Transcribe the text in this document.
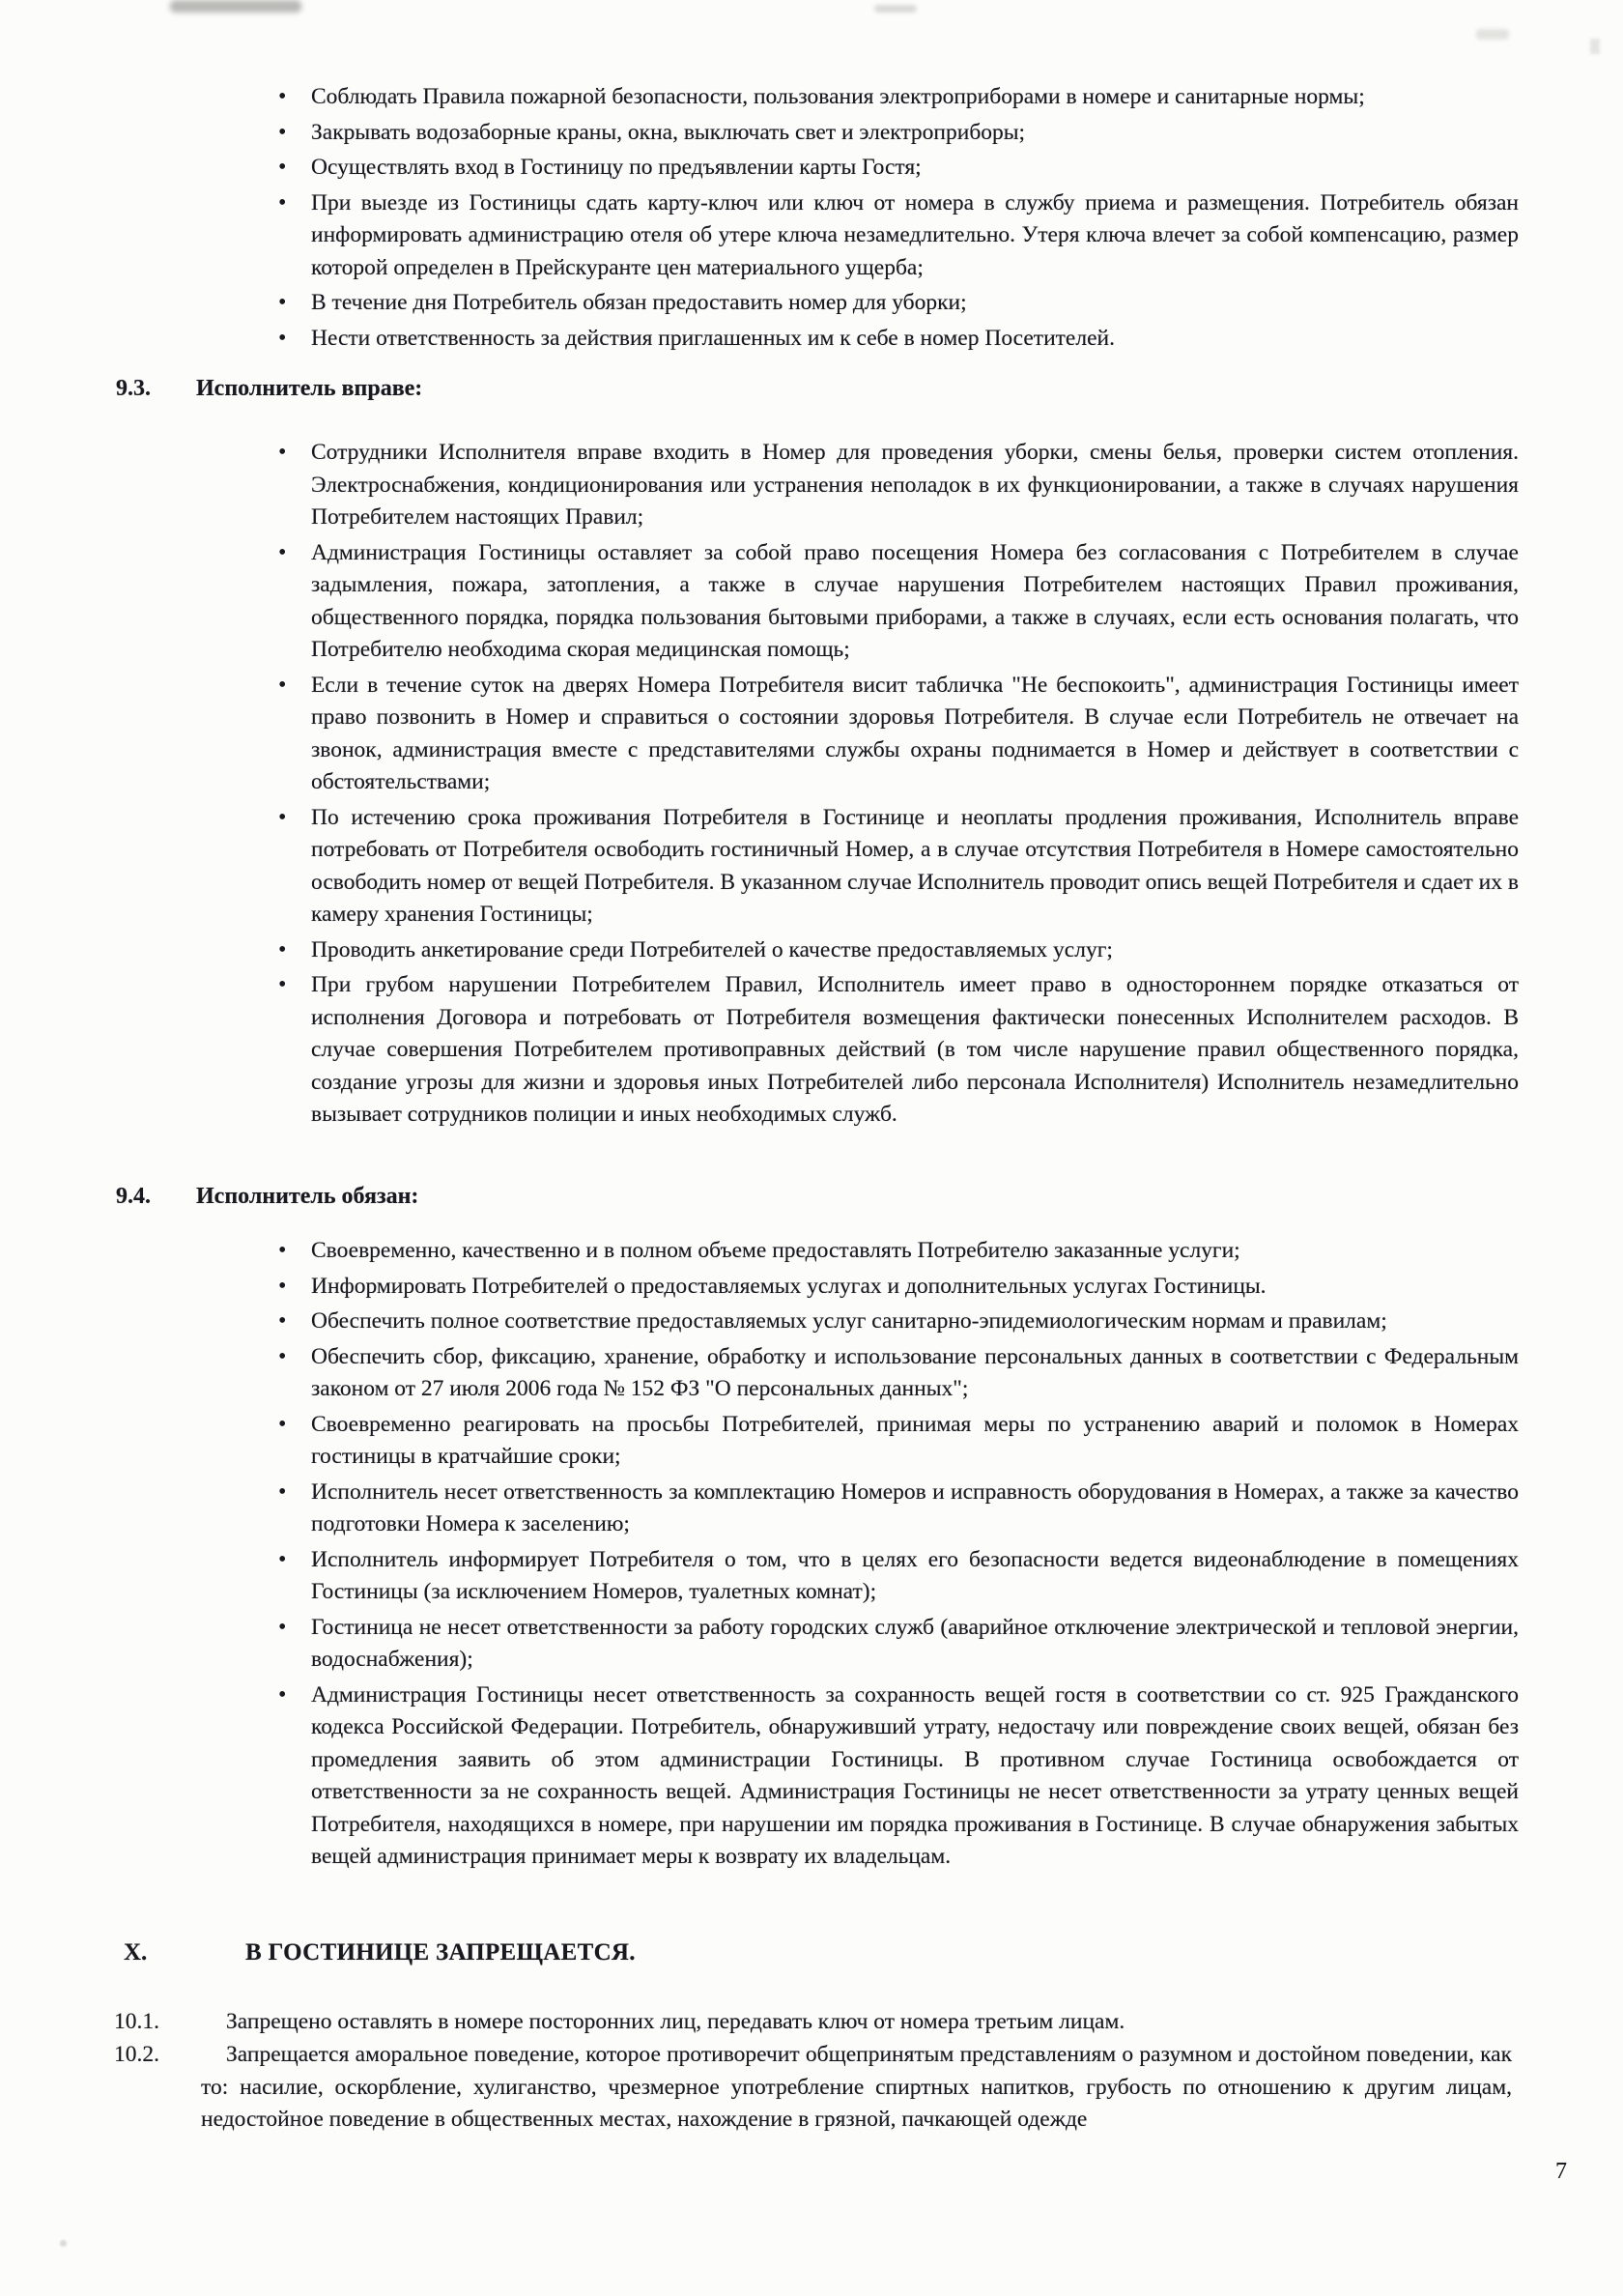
• Соблюдать Правила пожарной безопасности, пользования электроприборами в номере и санитарные нормы;

• Закрывать водозаборные краны, окна, выключать свет и электроприборы;

• Осуществлять вход в Гостиницу по предъявлении карты Гостя;

• При выезде из Гостиницы сдать карту-ключ или ключ от номера в службу приема и размещения. Потребитель обязан информировать администрацию отеля об утере ключа незамедлительно. Утеря ключа влечет за собой компенсацию, размер которой определен в Прейскуранте цен материального ущерба;

• В течение дня Потребитель обязан предоставить номер для уборки;

• Нести ответственность за действия приглашенных им к себе в номер Посетителей.

9.3. Исполнитель вправе:
• Сотрудники Исполнителя вправе входить в Номер для проведения уборки, смены белья, проверки систем отопления. Электроснабжения, кондиционирования или устранения неполадок в их функционировании, а также в случаях нарушения Потребителем настоящих Правил;

• Администрация Гостиницы оставляет за собой право посещения Номера без согласования с Потребителем в случае задымления, пожара, затопления, а также в случае нарушения Потребителем настоящих Правил проживания, общественного порядка, порядка пользования бытовыми приборами, а также в случаях, если есть основания полагать, что Потребителю необходима скорая медицинская помощь;

• Если в течение суток на дверях Номера Потребителя висит табличка "Не беспокоить", администрация Гостиницы имеет право позвонить в Номер и справиться о состоянии здоровья Потребителя. В случае если Потребитель не отвечает на звонок, администрация вместе с представителями службы охраны поднимается в Номер и действует в соответствии с обстоятельствами;

• По истечению срока проживания Потребителя в Гостинице и неоплаты продления проживания, Исполнитель вправе потребовать от Потребителя освободить гостиничный Номер, а в случае отсутствия Потребителя в Номере самостоятельно освободить номер от вещей Потребителя. В указанном случае Исполнитель проводит опись вещей Потребителя и сдает их в камеру хранения Гостиницы;

• Проводить анкетирование среди Потребителей о качестве предоставляемых услуг;

• При грубом нарушении Потребителем Правил, Исполнитель имеет право в одностороннем порядке отказаться от исполнения Договора и потребовать от Потребителя возмещения фактически понесенных Исполнителем расходов. В случае совершения Потребителем противоправных действий (в том числе нарушение правил общественного порядка, создание угрозы для жизни и здоровья иных Потребителей либо персонала Исполнителя) Исполнитель незамедлительно вызывает сотрудников полиции и иных необходимых служб.

9.4. Исполнитель обязан:
• Своевременно, качественно и в полном объеме предоставлять Потребителю заказанные услуги;

• Информировать Потребителей о предоставляемых услугах и дополнительных услугах Гостиницы.

• Обеспечить полное соответствие предоставляемых услуг санитарно-эпидемиологическим нормам и правилам;

• Обеспечить сбор, фиксацию, хранение, обработку и использование персональных данных в соответствии с Федеральным законом от 27 июля 2006 года № 152 ФЗ "О персональных данных";

• Своевременно реагировать на просьбы Потребителей, принимая меры по устранению аварий и поломок в Номерах гостиницы в кратчайшие сроки;

• Исполнитель несет ответственность за комплектацию Номеров и исправность оборудования в Номерах, а также за качество подготовки Номера к заселению;

• Исполнитель информирует Потребителя о том, что в целях его безопасности ведется видеонаблюдение в помещениях Гостиницы (за исключением Номеров, туалетных комнат);

• Гостиница не несет ответственности за работу городских служб (аварийное отключение электрической и тепловой энергии, водоснабжения);

• Администрация Гостиницы несет ответственность за сохранность вещей гостя в соответствии со ст. 925 Гражданского кодекса Российской Федерации. Потребитель, обнаруживший утрату, недостачу или повреждение своих вещей, обязан без промедления заявить об этом администрации Гостиницы. В противном случае Гостиница освобождается от ответственности за не сохранность вещей. Администрация Гостиницы не несет ответственности за утрату ценных вещей Потребителя, находящихся в номере, при нарушении им порядка проживания в Гостинице. В случае обнаружения забытых вещей администрация принимает меры к возврату их владельцам.

X.	В ГОСТИНИЦЕ ЗАПРЕЩАЕТСЯ.
10.1.	Запрещено оставлять в номере посторонних лиц, передавать ключ от номера третьим лицам.

10.2.	Запрещается аморальное поведение, которое противоречит общепринятым представлениям о разумном и достойном поведении, как то: насилие, оскорбление, хулиганство, чрезмерное употребление спиртных напитков, грубость по отношению к другим лицам, недостойное поведение в общественных местах, нахождение в грязной, пачкающей одежде

7
